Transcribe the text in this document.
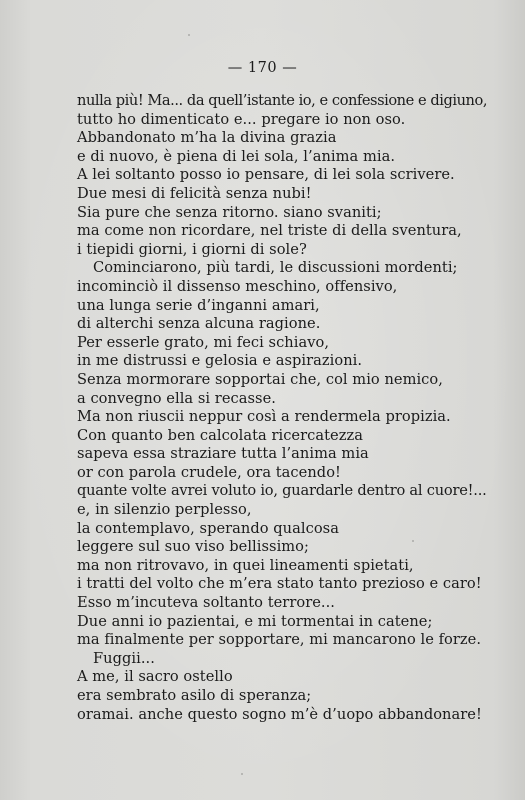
— 170 —
nulla più! Ma... da quell’istante io, e confessione e digiuno,
tutto ho dimenticato e... pregare io non oso.
Abbandonato m’ha la divina grazia
e di nuovo, è piena di lei sola, l’anima mia.
A lei soltanto posso io pensare, di lei sola scrivere.
Due mesi di felicità senza nubi!
Sia pure che senza ritorno. siano svaniti;
ma come non ricordare, nel triste di della sventura,
i tiepidi giorni, i giorni di sole?
Cominciarono, più tardi, le discussioni mordenti;
incominciò il dissenso meschino, offensivo,
una lunga serie d’inganni amari,
di alterchi senza alcuna ragione.
Per esserle grato, mi feci schiavo,
in me distrussi e gelosia e aspirazioni.
Senza mormorare sopportai che, col mio nemico,
a convegno ella si recasse.
Ma non riuscii neppur così a rendermela propizia.
Con quanto ben calcolata ricercatezza
sapeva essa straziare tutta l’anima mia
or con parola crudele, ora tacendo!
quante volte avrei voluto io, guardarle dentro al cuore!...
e, in silenzio perplesso,
la contemplavo, sperando qualcosa
leggere sul suo viso bellissimo;
ma non ritrovavo, in quei lineamenti spietati,
i tratti del volto che m’era stato tanto prezioso e caro!
Esso m’incuteva soltanto terrore...
Due anni io pazientai, e mi tormentai in catene;
ma finalmente per sopportare, mi mancarono le forze.
Fuggii...
A me, il sacro ostello
era sembrato asilo di speranza;
oramai. anche questo sogno m’è d’uopo abbandonare!
